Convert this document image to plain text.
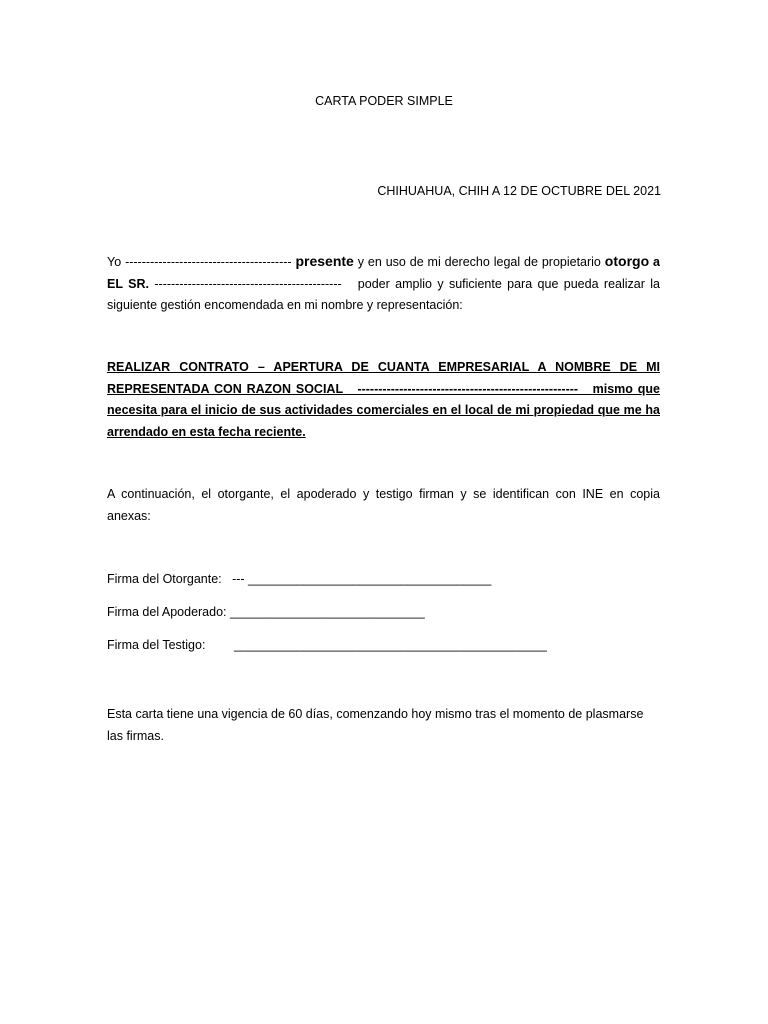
CARTA PODER SIMPLE
CHIHUAHUA, CHIH A 12 DE OCTUBRE DEL 2021
Yo ---------------------------------------- presente y en uso de mi derecho legal de propietario otorgo a EL SR. --------------------------------------------- poder amplio y suficiente para que pueda realizar la siguiente gestión encomendada en mi nombre y representación:
REALIZAR CONTRATO – APERTURA DE CUANTA EMPRESARIAL A NOMBRE DE MI REPRESENTADA CON RAZON SOCIAL ----------------------------------------------------- mismo que necesita para el inicio de sus actividades comerciales en el local de mi propiedad que me ha arrendado en esta fecha reciente.
A continuación, el otorgante, el apoderado y testigo firman y se identifican con INE en copia anexas:
Firma del Otorgante: --- ___________________________________
Firma del Apoderado: ____________________________
Firma del Testigo: _____________________________________________
Esta carta tiene una vigencia de 60 días, comenzando hoy mismo tras el momento de plasmarse las firmas.
